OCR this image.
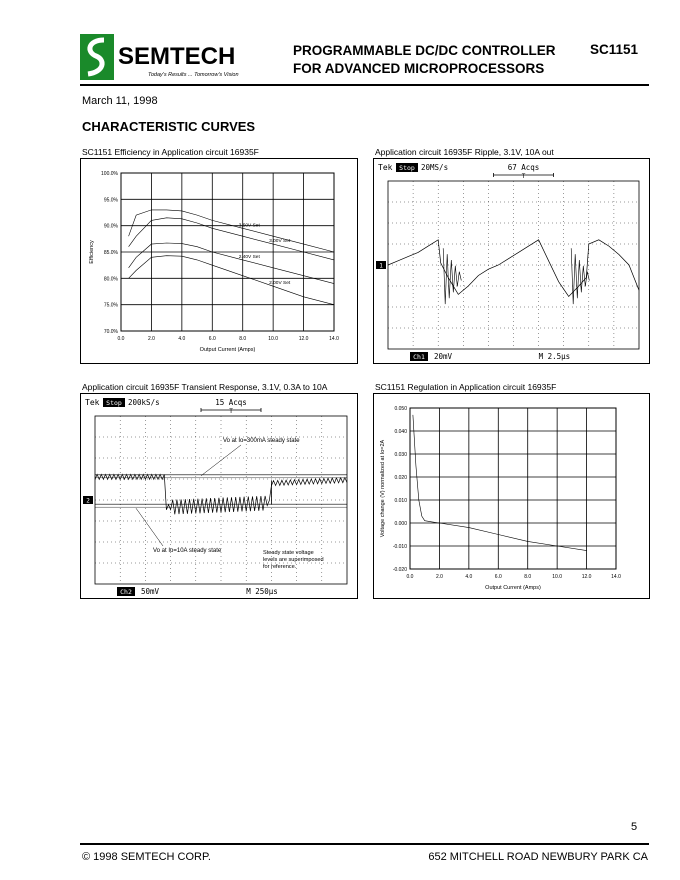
SEMTECH
Today's Results ... Tomorrow's Vision
PROGRAMMABLE DC/DC CONTROLLER
FOR ADVANCED MICROPROCESSORS
SC1151
March 11, 1998
CHARACTERISTIC CURVES
SC1151 Efficiency in Application circuit 16935F	Application circuit 16935F Ripple, 3.1V, 10A out
Application circuit 16935F Transient Response, 3.1V, 0.3A to 10A	SC1151 Regulation in Application circuit 16935F
0.0	2.0	4.0	6.0	8.0	10.0	12.0	14.0
70.0%
75.0%
80.0%
85.0%
90.0%
95.0%
100.0%
Output Current (Amps)
Efficiency
3.50V Set
3.00V Set
2.40V Set
2.00V Set
Tek Stop 20MS/s	67 Acqs
T
1
Ch1 20mV	M 2.5µs
Tek Stop 200kS/s	15 Acqs
T
2
Ch2 50mV	M 250µs
Vo at Io=300mA steady state
Vo at Io=10A steady state	Steady state voltage levels are superimposed for reference.
0.0	2.0	4.0	6.0	8.0	10.0	12.0	14.0
-0.020
-0.010
0.000
0.010
0.020
0.030
0.040
0.050
Output Current (Amps)
Voltage change (V) normalized at Io=2A
5
© 1998 SEMTECH CORP.	652 MITCHELL ROAD NEWBURY PARK CA
